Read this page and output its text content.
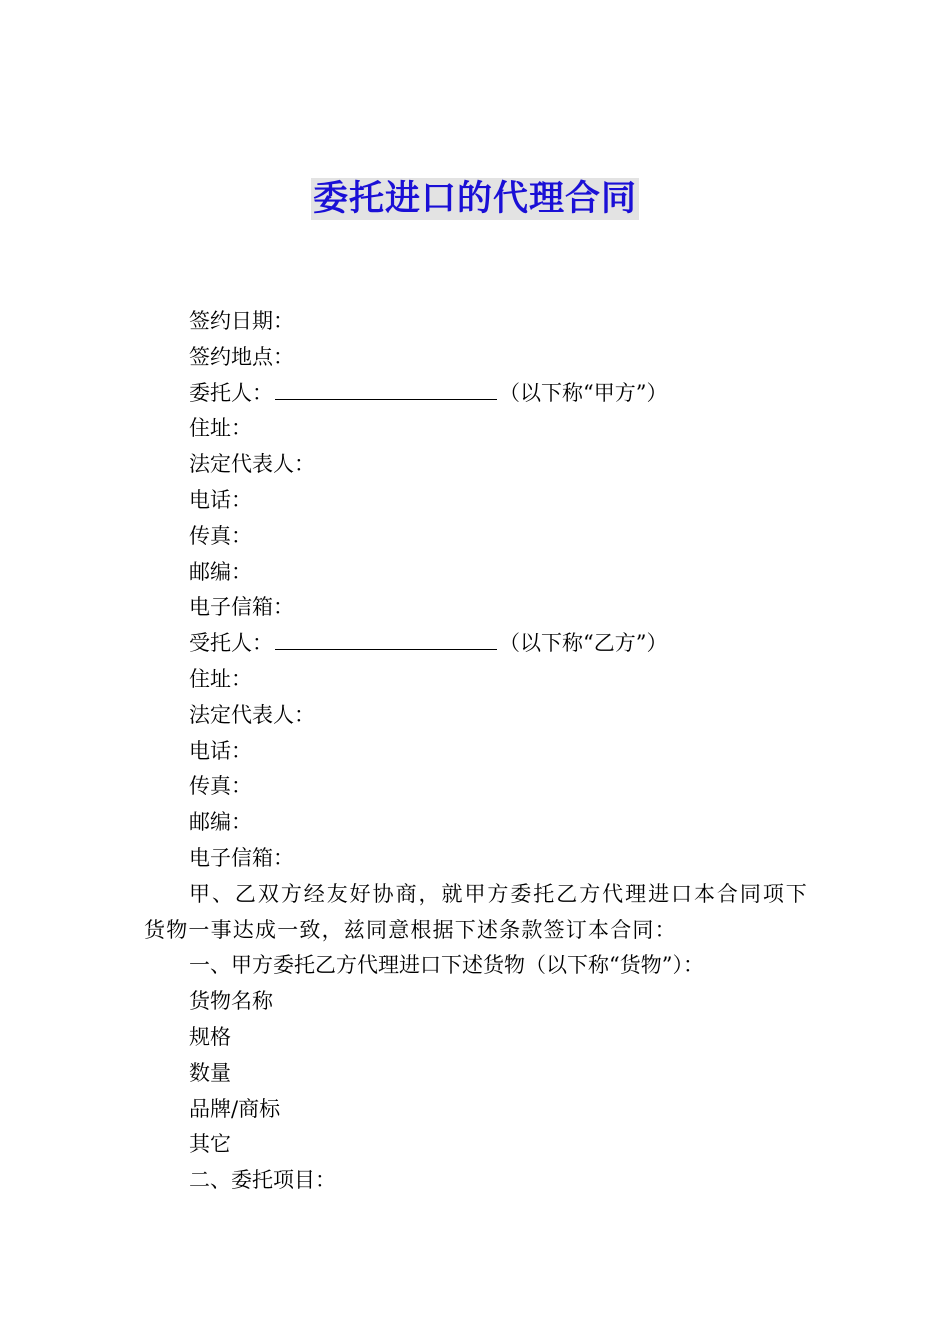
委托进口的代理合同
签约日期：
签约地点：
委托人：	（以下称“甲方”）
住址：
法定代表人：
电话：
传真：
邮编：
电子信箱：
受托人：	（以下称“乙方”）
住址：
法定代表人：
电话：
传真：
邮编：
电子信箱：
甲、乙双方经友好协商，就甲方委托乙方代理进口本合同项下货物一事达成一致，兹同意根据下述条款签订本合同：
一、甲方委托乙方代理进口下述货物（以下称“货物”）：
货物名称
规格
数量
品牌/商标
其它
二、委托项目：
